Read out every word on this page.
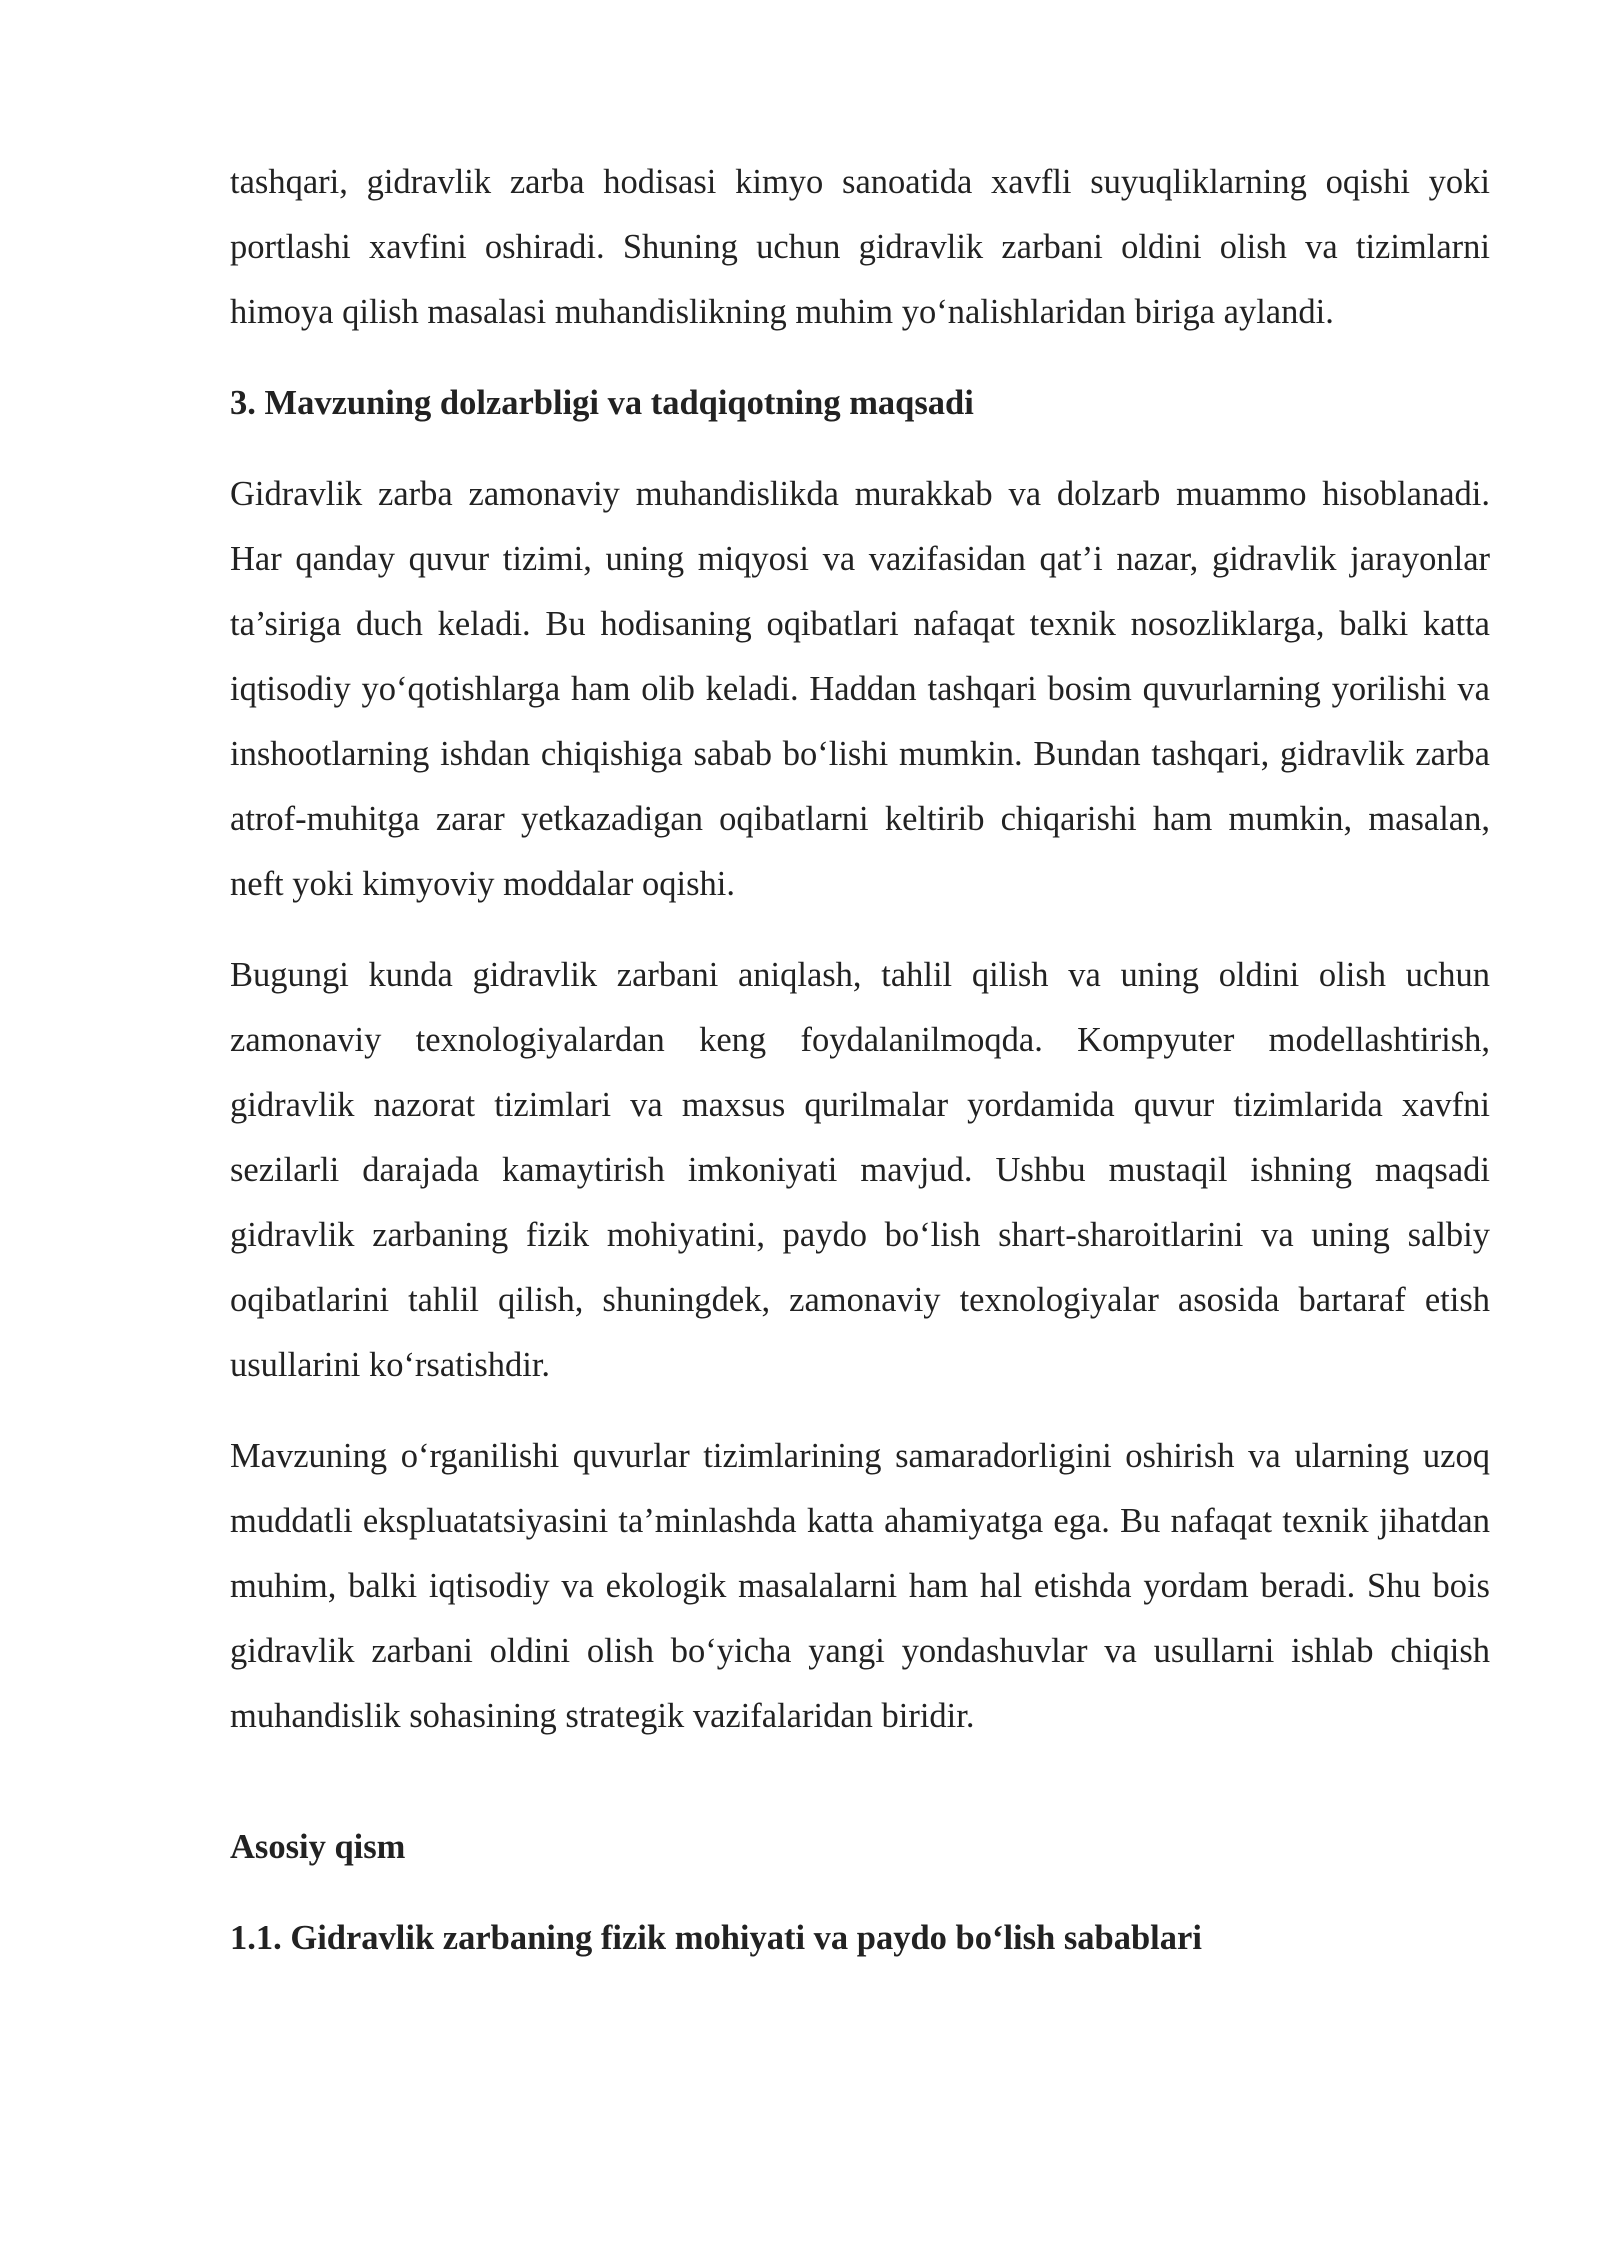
tashqari, gidravlik zarba hodisasi kimyo sanoatida xavfli suyuqliklarning oqishi yoki portlashi xavfini oshiradi. Shuning uchun gidravlik zarbani oldini olish va tizimlarni himoya qilish masalasi muhandislikning muhim yo‘nalishlaridan biriga aylandi.

3. Mavzuning dolzarbligi va tadqiqotning maqsadi

Gidravlik zarba zamonaviy muhandislikda murakkab va dolzarb muammo hisoblanadi. Har qanday quvur tizimi, uning miqyosi va vazifasidan qat’i nazar, gidravlik jarayonlar ta’siriga duch keladi. Bu hodisaning oqibatlari nafaqat texnik nosozliklarga, balki katta iqtisodiy yo‘qotishlarga ham olib keladi. Haddan tashqari bosim quvurlarning yorilishi va inshootlarning ishdan chiqishiga sabab bo‘lishi mumkin. Bundan tashqari, gidravlik zarba atrof-muhitga zarar yetkazadigan oqibatlarni keltirib chiqarishi ham mumkin, masalan, neft yoki kimyoviy moddalar oqishi.

Bugungi kunda gidravlik zarbani aniqlash, tahlil qilish va uning oldini olish uchun zamonaviy texnologiyalardan keng foydalanilmoqda. Kompyuter modellashtirish, gidravlik nazorat tizimlari va maxsus qurilmalar yordamida quvur tizimlarida xavfni sezilarli darajada kamaytirish imkoniyati mavjud. Ushbu mustaqil ishning maqsadi gidravlik zarbaning fizik mohiyatini, paydo bo‘lish shart-sharoitlarini va uning salbiy oqibatlarini tahlil qilish, shuningdek, zamonaviy texnologiyalar asosida bartaraf etish usullarini ko‘rsatishdir.

Mavzuning o‘rganilishi quvurlar tizimlarining samaradorligini oshirish va ularning uzoq muddatli ekspluatatsiyasini ta’minlashda katta ahamiyatga ega. Bu nafaqat texnik jihatdan muhim, balki iqtisodiy va ekologik masalalarni ham hal etishda yordam beradi. Shu bois gidravlik zarbani oldini olish bo‘yicha yangi yondashuvlar va usullarni ishlab chiqish muhandislik sohasining strategik vazifalaridan biridir.

Asosiy qism

1.1. Gidravlik zarbaning fizik mohiyati va paydo bo‘lish sabablari
